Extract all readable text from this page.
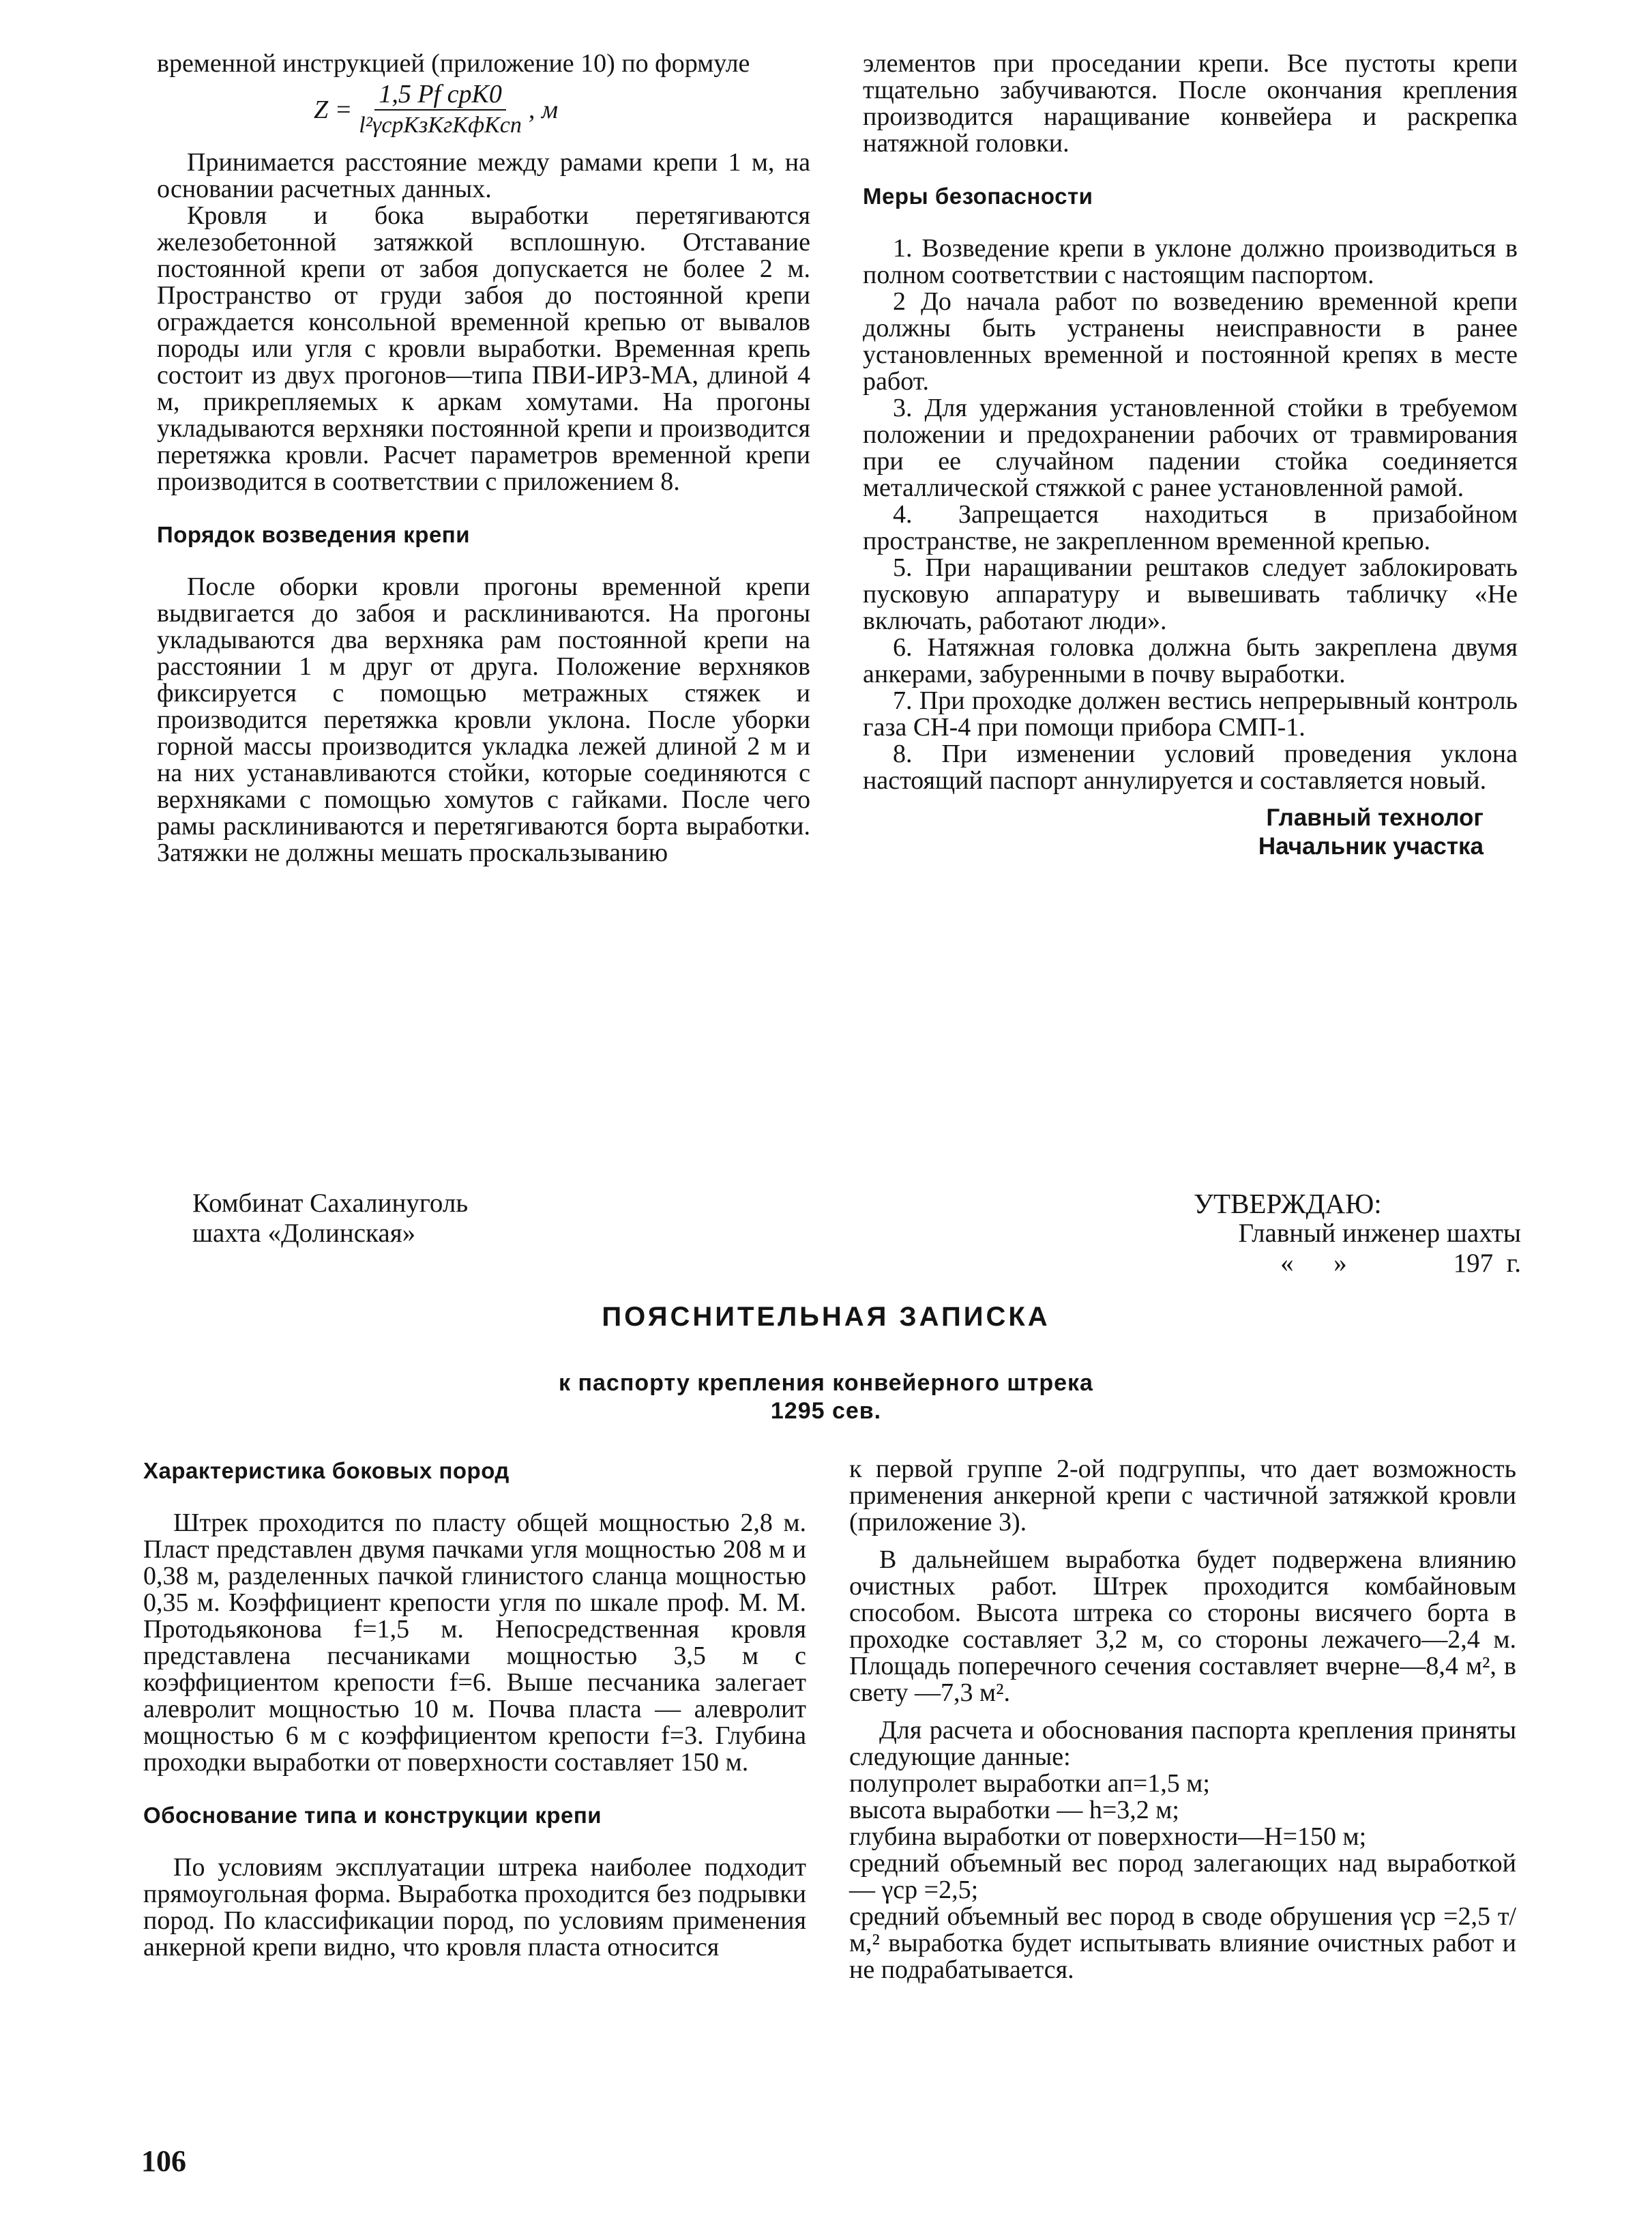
временной инструкцией (приложение 10) по формуле

$Z = \frac{\text{1,5 Pf срK0}}{\text{l²γсрKзKгKфKсп}}$ , м

Принимается расстояние между рамами крепи 1 м, на основании расчетных данных.

Кровля и бока выработки перетягиваются железобетонной затяжкой всплошную. Отставание постоянной крепи от забоя допускается не более 2 м. Пространство от груди забоя до постоянной крепи ограждается консольной временной крепью от вывалов породы или угля с кровли выработки. Временная крепь состоит из двух прогонов—типа ПВИ-ИРЗ-МА, длиной 4 м, прикрепляемых к аркам хомутами. На прогоны укладываются верхняки постоянной крепи и производится перетяжка кровли. Расчет параметров временной крепи производится в соответствии с приложением 8.

Порядок возведения крепи

После оборки кровли прогоны временной крепи выдвигается до забоя и расклиниваются. На прогоны укладываются два верхняка рам постоянной крепи на расстоянии 1 м друг от друга. Положение верхняков фиксируется с помощью метражных стяжек и производится перетяжка кровли уклона. После уборки горной массы производится укладка лежей длиной 2 м и на них устанавливаются стойки, которые соединяются с верхняками с помощью хомутов с гайками. После чего рамы расклиниваются и перетягиваются борта выработки. Затяжки не должны мешать проскальзыванию

элементов при проседании крепи. Все пустоты крепи тщательно забучиваются. После окончания крепления производится наращивание конвейера и раскрепка натяжной головки.

Меры безопасности

1. Возведение крепи в уклоне должно производиться в полном соответствии с настоящим паспортом.

2 До начала работ по возведению временной крепи должны быть устранены неисправности в ранее установленных временной и постоянной крепях в месте работ.

3. Для удержания установленной стойки в требуемом положении и предохранении рабочих от травмирования при ее случайном падении стойка соединяется металлической стяжкой с ранее установленной рамой.

4. Запрещается находиться в призабойном пространстве, не закрепленном временной крепью.

5. При наращивании рештаков следует заблокировать пусковую аппаратуру и вывешивать табличку «Не включать, работают люди».

6. Натяжная головка должна быть закреплена двумя анкерами, забуренными в почву выработки.

7. При проходке должен вестись непрерывный контроль газа СН-4 при помощи прибора СМП-1.

8. При изменении условий проведения уклона настоящий паспорт аннулируется и составляется новый.

Главный технолог
Начальник участка
Комбинат Сахалинуголь
шахта «Долинская»
УТВЕРЖДАЮ:
Главный инженер шахты
«      »                197  г.
ПОЯСНИТЕЛЬНАЯ ЗАПИСКА
к паспорту крепления конвейерного штрека
1295 сев.

Характеристика боковых пород

Штрек проходится по пласту общей мощностью 2,8 м. Пласт представлен двумя пачками угля мощностью 208 м и 0,38 м, разделенных пачкой глинистого сланца мощностью 0,35 м. Коэффициент крепости угля по шкале проф. М. М. Протодьяконова f=1,5 м. Непосредственная кровля представлена песчаниками мощностью 3,5 м с коэффициентом крепости f=6. Выше песчаника залегает алевролит мощностью 10 м. Почва пласта — алевролит мощностью 6 м с коэффициентом крепости f=3. Глубина проходки выработки от поверхности составляет 150 м.

Обоснование типа и конструкции крепи

По условиям эксплуатации штрека наиболее подходит прямоугольная форма. Выработка проходится без подрывки пород. По классификации пород, по условиям применения анкерной крепи видно, что кровля пласта относится

к первой группе 2-ой подгруппы, что дает возможность применения анкерной крепи с частичной затяжкой кровли (приложение 3).

В дальнейшем выработка будет подвержена влиянию очистных работ. Штрек проходится комбайновым способом. Высота штрека со стороны висячего борта в проходке составляет 3,2 м, со стороны лежачего—2,4 м. Площадь поперечного сечения составляет вчерне—8,4 м², в свету —7,3 м².

Для расчета и обоснования паспорта крепления приняты следующие данные:

полупролет выработки aп=1,5 м;

высота выработки — h=3,2 м;

глубина выработки от поверхности—H=150 м;

средний объемный вес пород залегающих над выработкой— γср =2,5;

средний объемный вес пород в своде обрушения γср =2,5 т/м,² выработка будет испытывать влияние очистных работ и не подрабатывается.

106
